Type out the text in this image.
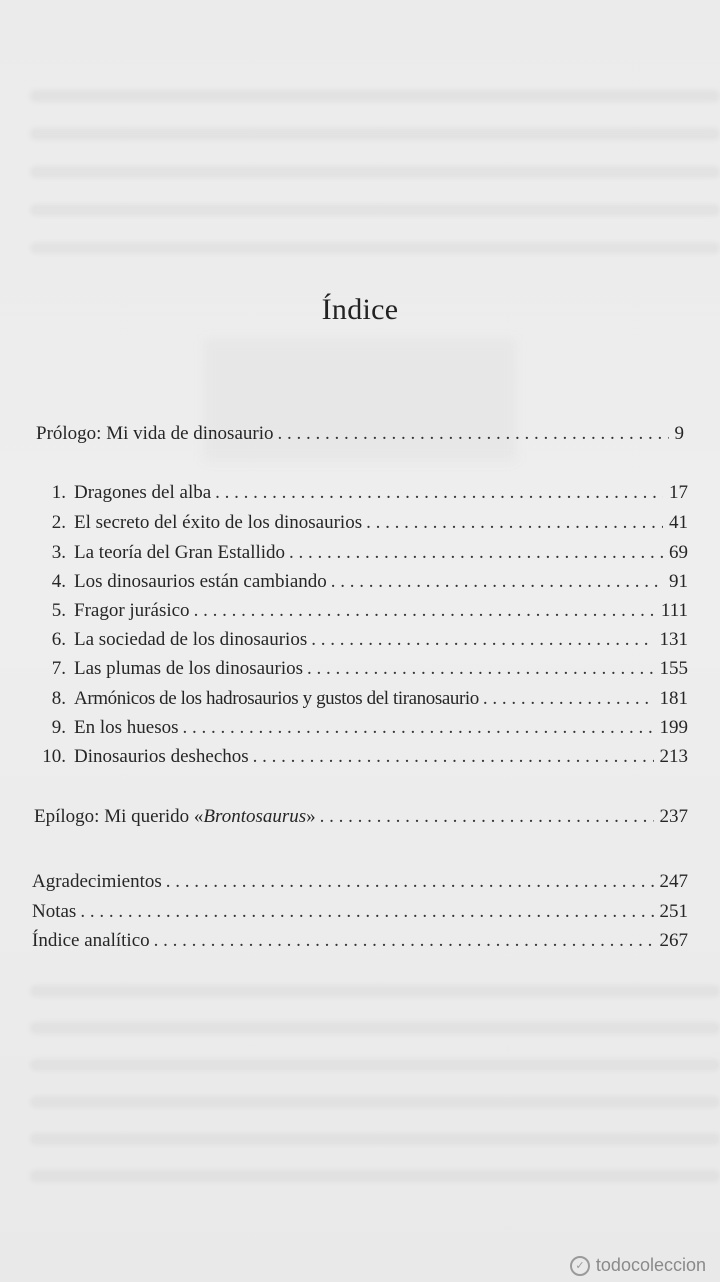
Índice
Prólogo: Mi vida de dinosaurio . . .	9
1. Dragones del alba . . .	17
2. El secreto del éxito de los dinosaurios . . .	41
3. La teoría del Gran Estallido . . .	69
4. Los dinosaurios están cambiando . . .	91
5. Fragor jurásico . . .	111
6. La sociedad de los dinosaurios . . .	131
7. Las plumas de los dinosaurios . . .	155
8. Armónicos de los hadrosaurios y gustos del tiranosaurio . . .	181
9. En los huesos . . .	199
10. Dinosaurios deshechos . . .	213
Epílogo: Mi querido «Brontosaurus» . . .	237
Agradecimientos . . .	247
Notas . . .	251
Índice analítico . . .	267
✓ todocoleccion
